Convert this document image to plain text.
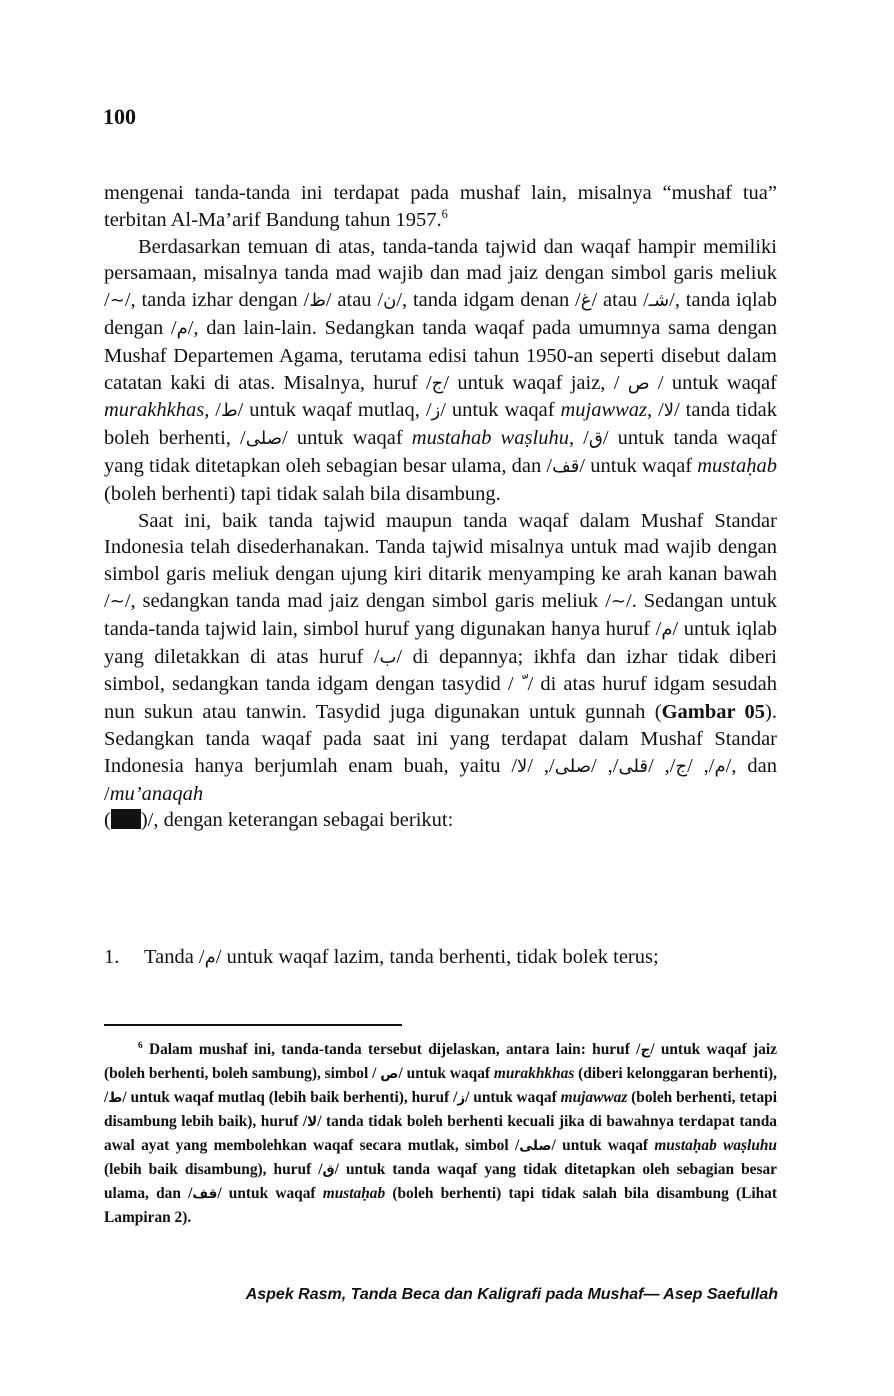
100

mengenai tanda-tanda ini terdapat pada mushaf lain, misalnya “mushaf tua” terbitan Al-Ma’arif Bandung tahun 1957.$^6$

Berdasarkan temuan di atas, tanda-tanda tajwid dan waqaf hampir memiliki persamaan, misalnya tanda mad wajib dan mad jaiz dengan simbol garis meliuk /~/, tanda izhar dengan /ظ/ atau /ن/, tanda idgam denan /غ/ atau /شـ/, tanda iqlab dengan /م/, dan lain-lain. Sedangkan tanda waqaf pada umumnya sama dengan Mushaf Departemen Agama, terutama edisi tahun 1950-an seperti disebut dalam catatan kaki di atas. Misalnya, huruf /ج/ untuk waqaf jaiz, / ص / untuk waqaf murakhkhas, /ط/ untuk waqaf mutlaq, /ز/ untuk waqaf mujawwaz, /لا/ tanda tidak boleh berhenti, /صلى/ untuk waqaf mustahab waṣluhu, /ق/ untuk tanda waqaf yang tidak ditetapkan oleh sebagian besar ulama, dan /قف/ untuk waqaf mustaḥab (boleh berhenti) tapi tidak salah bila disambung.

Saat ini, baik tanda tajwid maupun tanda waqaf dalam Mushaf Standar Indonesia telah disederhanakan. Tanda tajwid misalnya untuk mad wajib dengan simbol garis meliuk dengan ujung kiri ditarik menyamping ke arah kanan bawah /~/, sedangkan tanda mad jaiz dengan simbol garis meliuk /~/. Sedangan untuk tanda-tanda tajwid lain, simbol huruf yang digunakan hanya huruf /م/ untuk iqlab yang diletakkan di atas huruf /ب/ di depannya; ikhfa dan izhar tidak diberi simbol, sedangkan tanda idgam dengan tasydid / / di atas huruf idgam sesudah nun sukun atau tanwin. Tasydid juga digunakan untuk gunnah (Gambar 05). Sedangkan tanda waqaf pada saat ini yang terdapat dalam Mushaf Standar Indonesia hanya berjumlah enam buah, yaitu /	م/, /ج/, /قلى/, /صلى/, /لا	/, dan /mu’anaqah
( )/, dengan keterangan sebagai berikut:

1. Tanda /م/ untuk waqaf lazim, tanda berhenti, tidak bolek terus;

$^6$ Dalam mushaf ini, tanda-tanda tersebut dijelaskan, antara lain: huruf /ج/ untuk waqaf jaiz (boleh berhenti, boleh sambung), simbol / ص/ untuk waqaf murakhkhas (diberi kelonggaran berhenti), /ط/ untuk waqaf mutlaq (lebih baik berhenti), huruf /ز/ untuk waqaf mujawwaz (boleh berhenti, tetapi disambung lebih baik), huruf /لا/ tanda tidak boleh berhenti kecuali jika di bawahnya terdapat tanda awal ayat yang membolehkan waqaf secara mutlak, simbol /صلى/ untuk waqaf mustaḥab waṣluhu (lebih baik disambung), huruf /ق/ untuk tanda waqaf yang tidak ditetapkan oleh sebagian besar ulama, dan /قف/ untuk waqaf mustaḥab (boleh berhenti) tapi tidak salah bila disambung (Lihat Lampiran 2).

Aspek Rasm, Tanda Beca dan Kaligrafi pada Mushaf— Asep Saefullah
